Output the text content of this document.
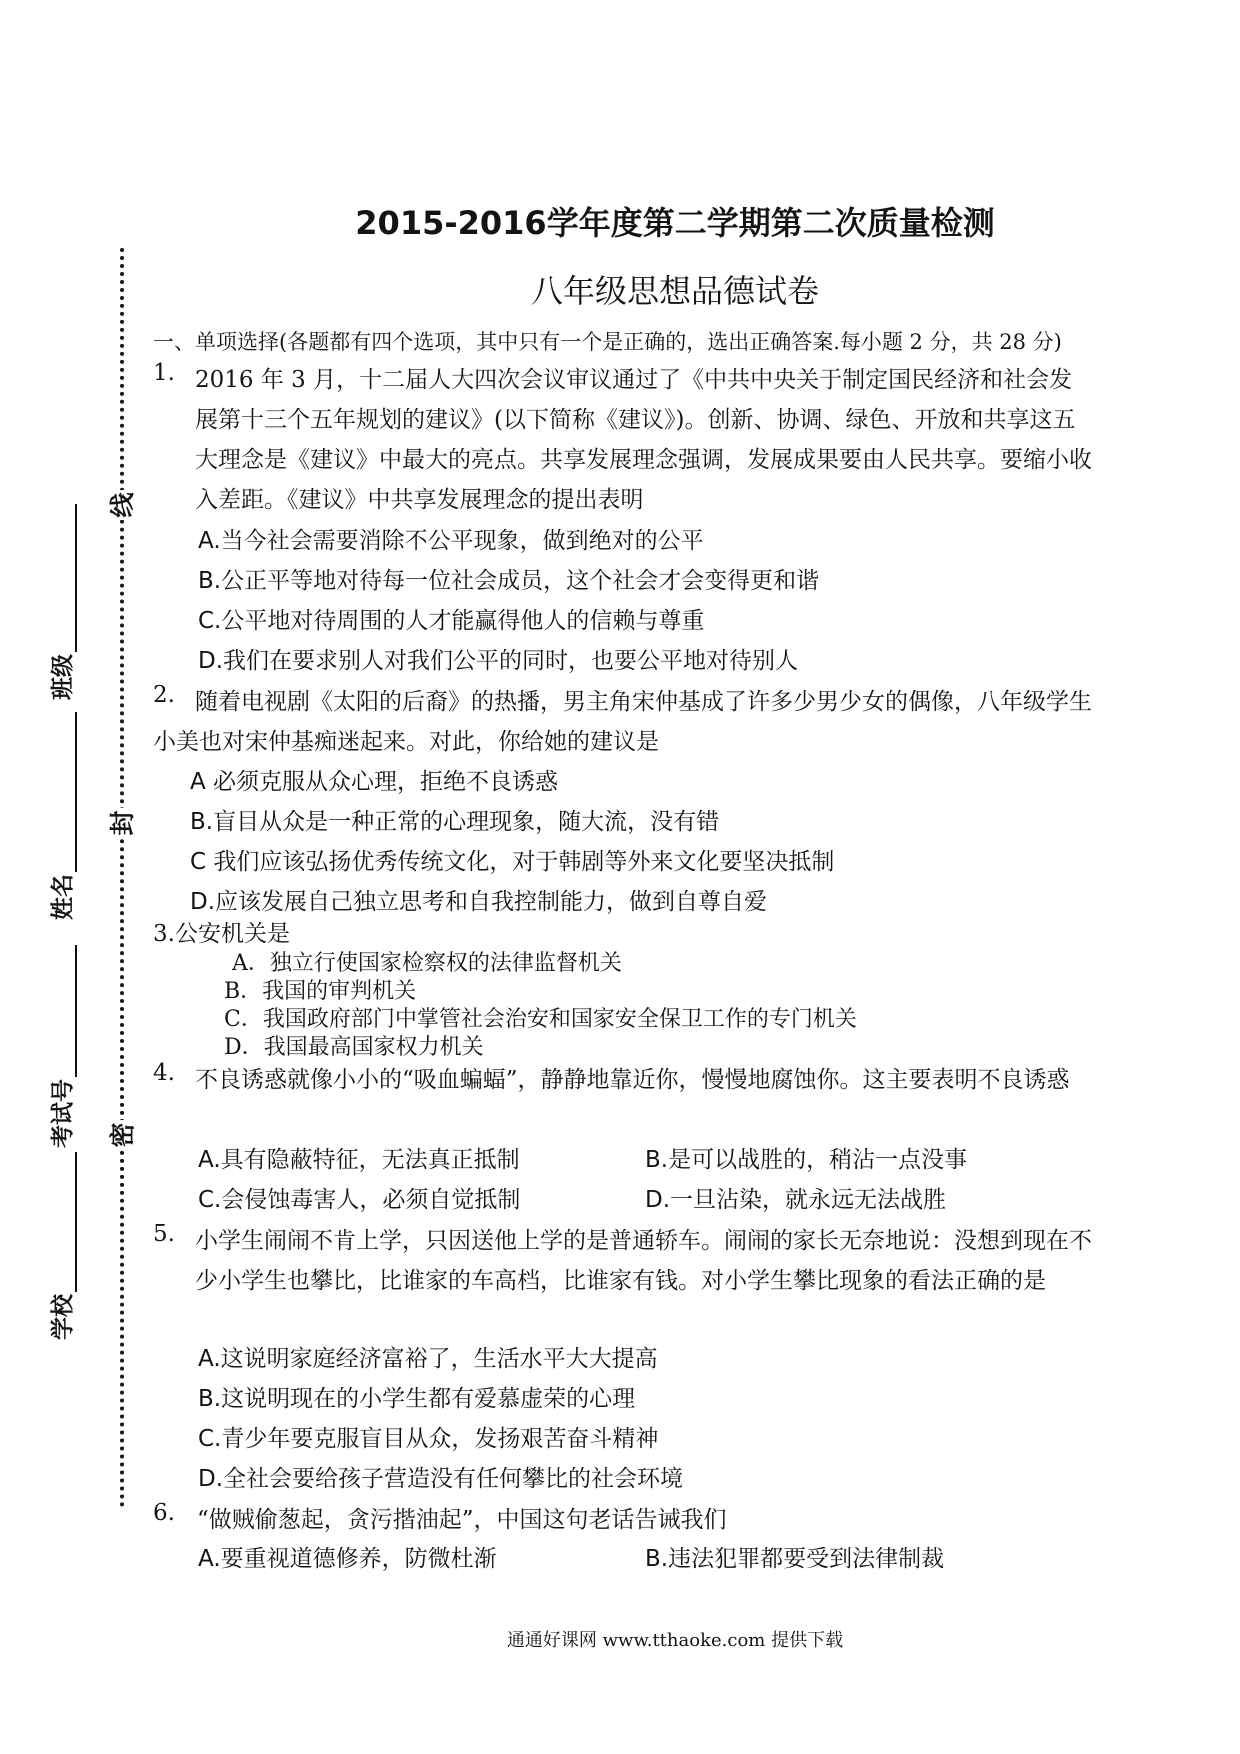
线
封
密
班级
姓名
考试号
学校
2015-2016学年度第二学期第二次质量检测
八年级思想品德试卷
一、单项选择(各题都有四个选项，其中只有一个是正确的，选出正确答案.每小题 2 分，共 28 分)
1. 2016 年 3 月，十二届人大四次会议审议通过了《中共中央关于制定国民经济和社会发展第十三个五年规划的建议》(以下简称《建议》)。创新、协调、绿色、开放和共享这五大理念是《建议》中最大的亮点。共享发展理念强调，发展成果要由人民共享。要缩小收入差距。《建议》中共享发展理念的提出表明
A.当今社会需要消除不公平现象，做到绝对的公平
B.公正平等地对待每一位社会成员，这个社会才会变得更和谐
C.公平地对待周围的人才能赢得他人的信赖与尊重
D.我们在要求别人对我们公平的同时，也要公平地对待别人
2. 随着电视剧《太阳的后裔》的热播，男主角宋仲基成了许多少男少女的偶像，八年级学生小美也对宋仲基痴迷起来。对此，你给她的建议是
A 必须克服从众心理，拒绝不良诱惑
B.盲目从众是一种正常的心理现象，随大流，没有错
C 我们应该弘扬优秀传统文化，对于韩剧等外来文化要坚决抵制
D.应该发展自己独立思考和自我控制能力，做到自尊自爱
3.公安机关是
A．独立行使国家检察权的法律监督机关
B．我国的审判机关
C．我国政府部门中掌管社会治安和国家安全保卫工作的专门机关
D．我国最高国家权力机关
4. 不良诱惑就像小小的“吸血蝙蝠”，静静地靠近你，慢慢地腐蚀你。这主要表明不良诱惑
A.具有隐蔽特征，无法真正抵制	B.是可以战胜的，稍沾一点没事
C.会侵蚀毒害人，必须自觉抵制	D.一旦沾染，就永远无法战胜
5. 小学生闹闹不肯上学，只因送他上学的是普通轿车。闹闹的家长无奈地说：没想到现在不少小学生也攀比，比谁家的车高档，比谁家有钱。对小学生攀比现象的看法正确的是
A.这说明家庭经济富裕了，生活水平大大提高
B.这说明现在的小学生都有爱慕虚荣的心理
C.青少年要克服盲目从众，发扬艰苦奋斗精神
D.全社会要给孩子营造没有任何攀比的社会环境
6. “做贼偷葱起，贪污揩油起”，中国这句老话告诫我们
A.要重视道德修养，防微杜渐	B.违法犯罪都要受到法律制裁
通通好课网 www.tthaoke.com 提供下载
